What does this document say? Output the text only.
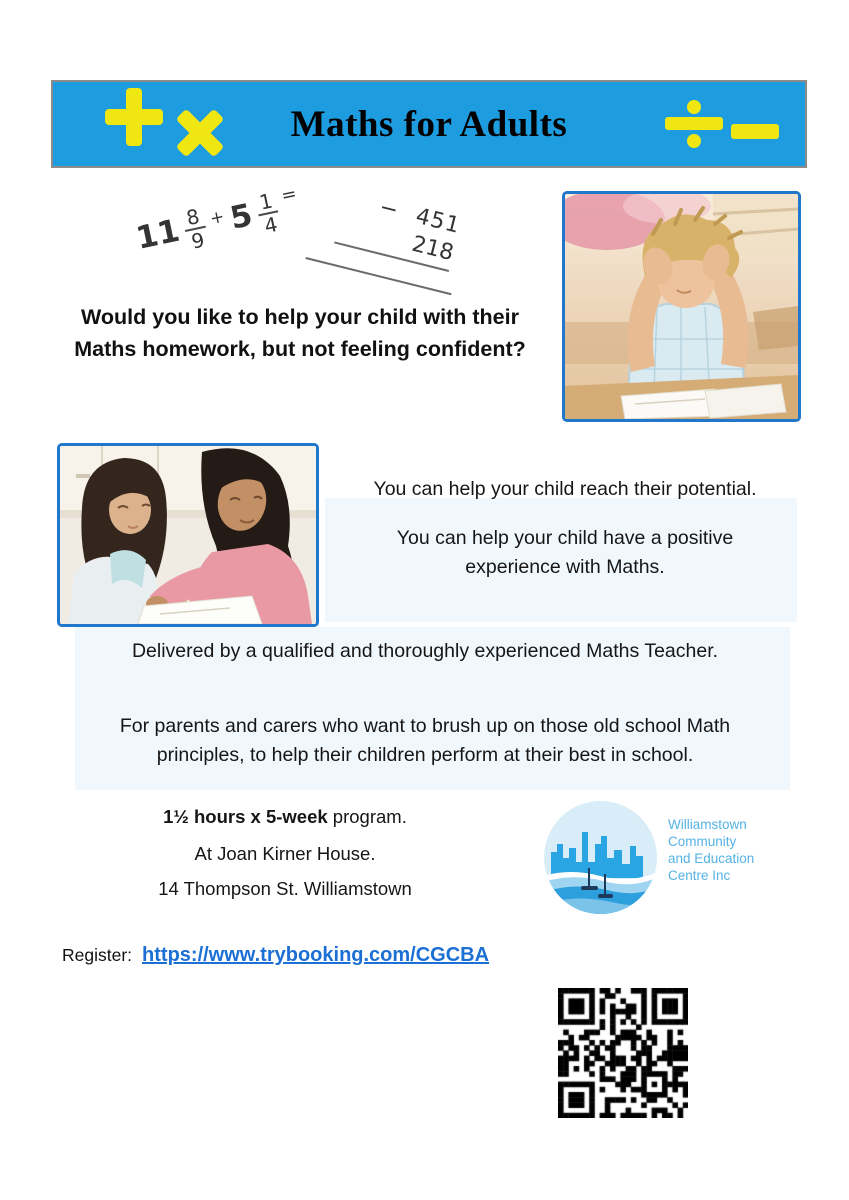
Maths for Adults
11
$\frac{8}{9}$
+ 5
$\frac{1}{4}$
=
− 451
218
Would you like to help your child with their
Maths homework, but not feeling confident?
You can help your child reach their potential.
You can help your child have a positive
experience with Maths.
Delivered by a qualified and thoroughly experienced Maths Teacher.
For parents and carers who want to brush up on those old school Math
principles, to help their children perform at their best in school.
1½ hours x 5-week program.
At Joan Kirner House.
14 Thompson St. Williamstown
Williamstown
Community
and Education
Centre Inc
Register: https://www.trybooking.com/CGCBA
